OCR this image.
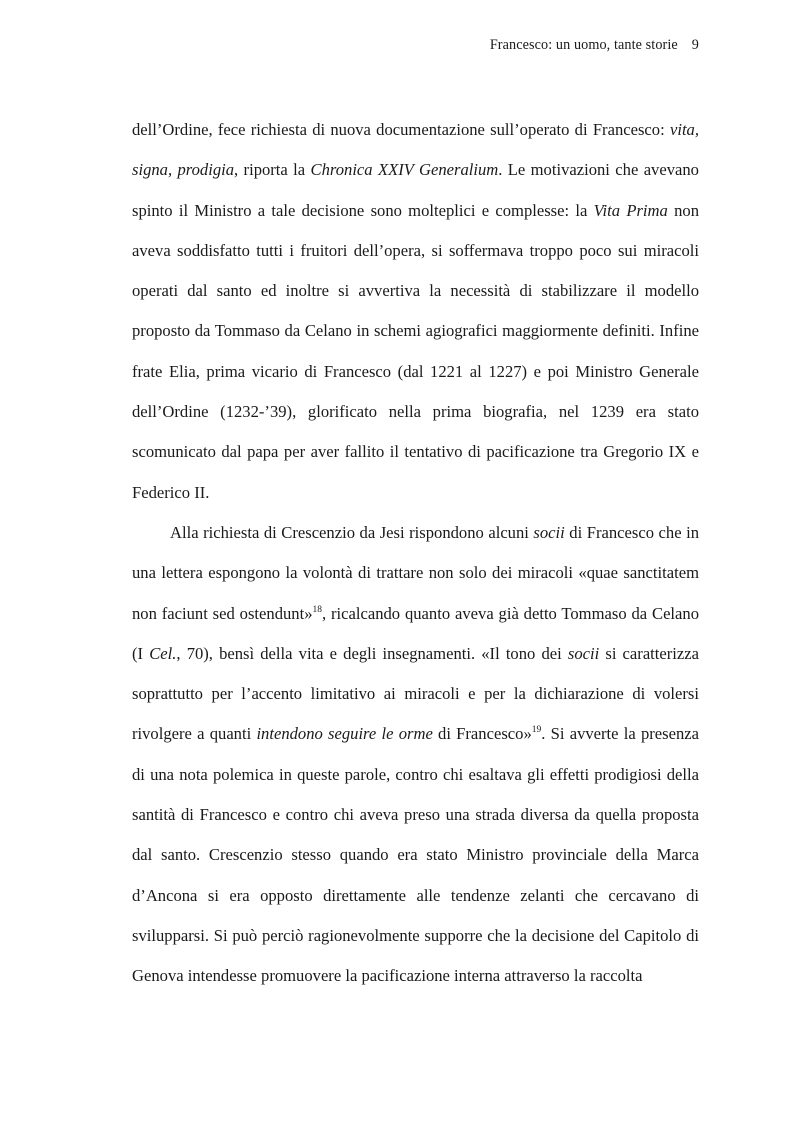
Francesco: un uomo, tante storie 9

dell’Ordine, fece richiesta di nuova documentazione sull’operato di Francesco: vita, signa, prodigia, riporta la Chronica XXIV Generalium. Le motivazioni che avevano spinto il Ministro a tale decisione sono molteplici e complesse: la Vita Prima non aveva soddisfatto tutti i fruitori dell’opera, si soffermava troppo poco sui miracoli operati dal santo ed inoltre si avvertiva la necessità di stabilizzare il modello proposto da Tommaso da Celano in schemi agiografici maggiormente definiti. Infine frate Elia, prima vicario di Francesco (dal 1221 al 1227) e poi Ministro Generale dell’Ordine (1232-’39), glorificato nella prima biografia, nel 1239 era stato scomunicato dal papa per aver fallito il tentativo di pacificazione tra Gregorio IX e Federico II.

Alla richiesta di Crescenzio da Jesi rispondono alcuni socii di Francesco che in una lettera espongono la volontà di trattare non solo dei miracoli «quae sanctitatem non faciunt sed ostendunt»$^{18}$, ricalcando quanto aveva già detto Tommaso da Celano (I Cel., 70), bensì della vita e degli insegnamenti. «Il tono dei socii si caratterizza soprattutto per l’accento limitativo ai miracoli e per la dichiarazione di volersi rivolgere a quanti intendono seguire le orme di Francesco»$^{19}$. Si avverte la presenza di una nota polemica in queste parole, contro chi esaltava gli effetti prodigiosi della santità di Francesco e contro chi aveva preso una strada diversa da quella proposta dal santo. Crescenzio stesso quando era stato Ministro provinciale della Marca d’Ancona si era opposto direttamente alle tendenze zelanti che cercavano di svilupparsi. Si può perciò ragionevolmente supporre che la decisione del Capitolo di Genova intendesse promuovere la pacificazione interna attraverso la raccolta
